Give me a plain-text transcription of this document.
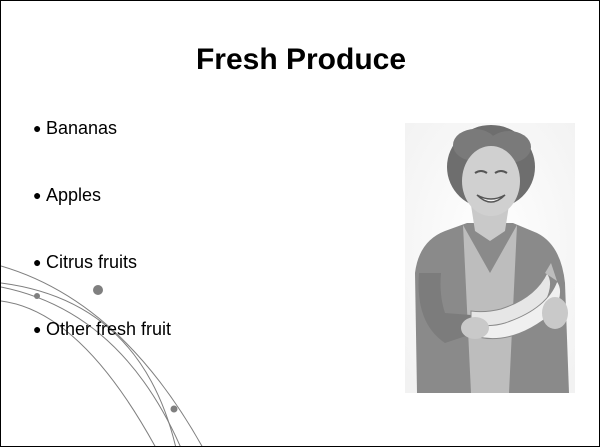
Fresh Produce
● Bananas
● Apples
● Citrus fruits
● Other fresh fruit
